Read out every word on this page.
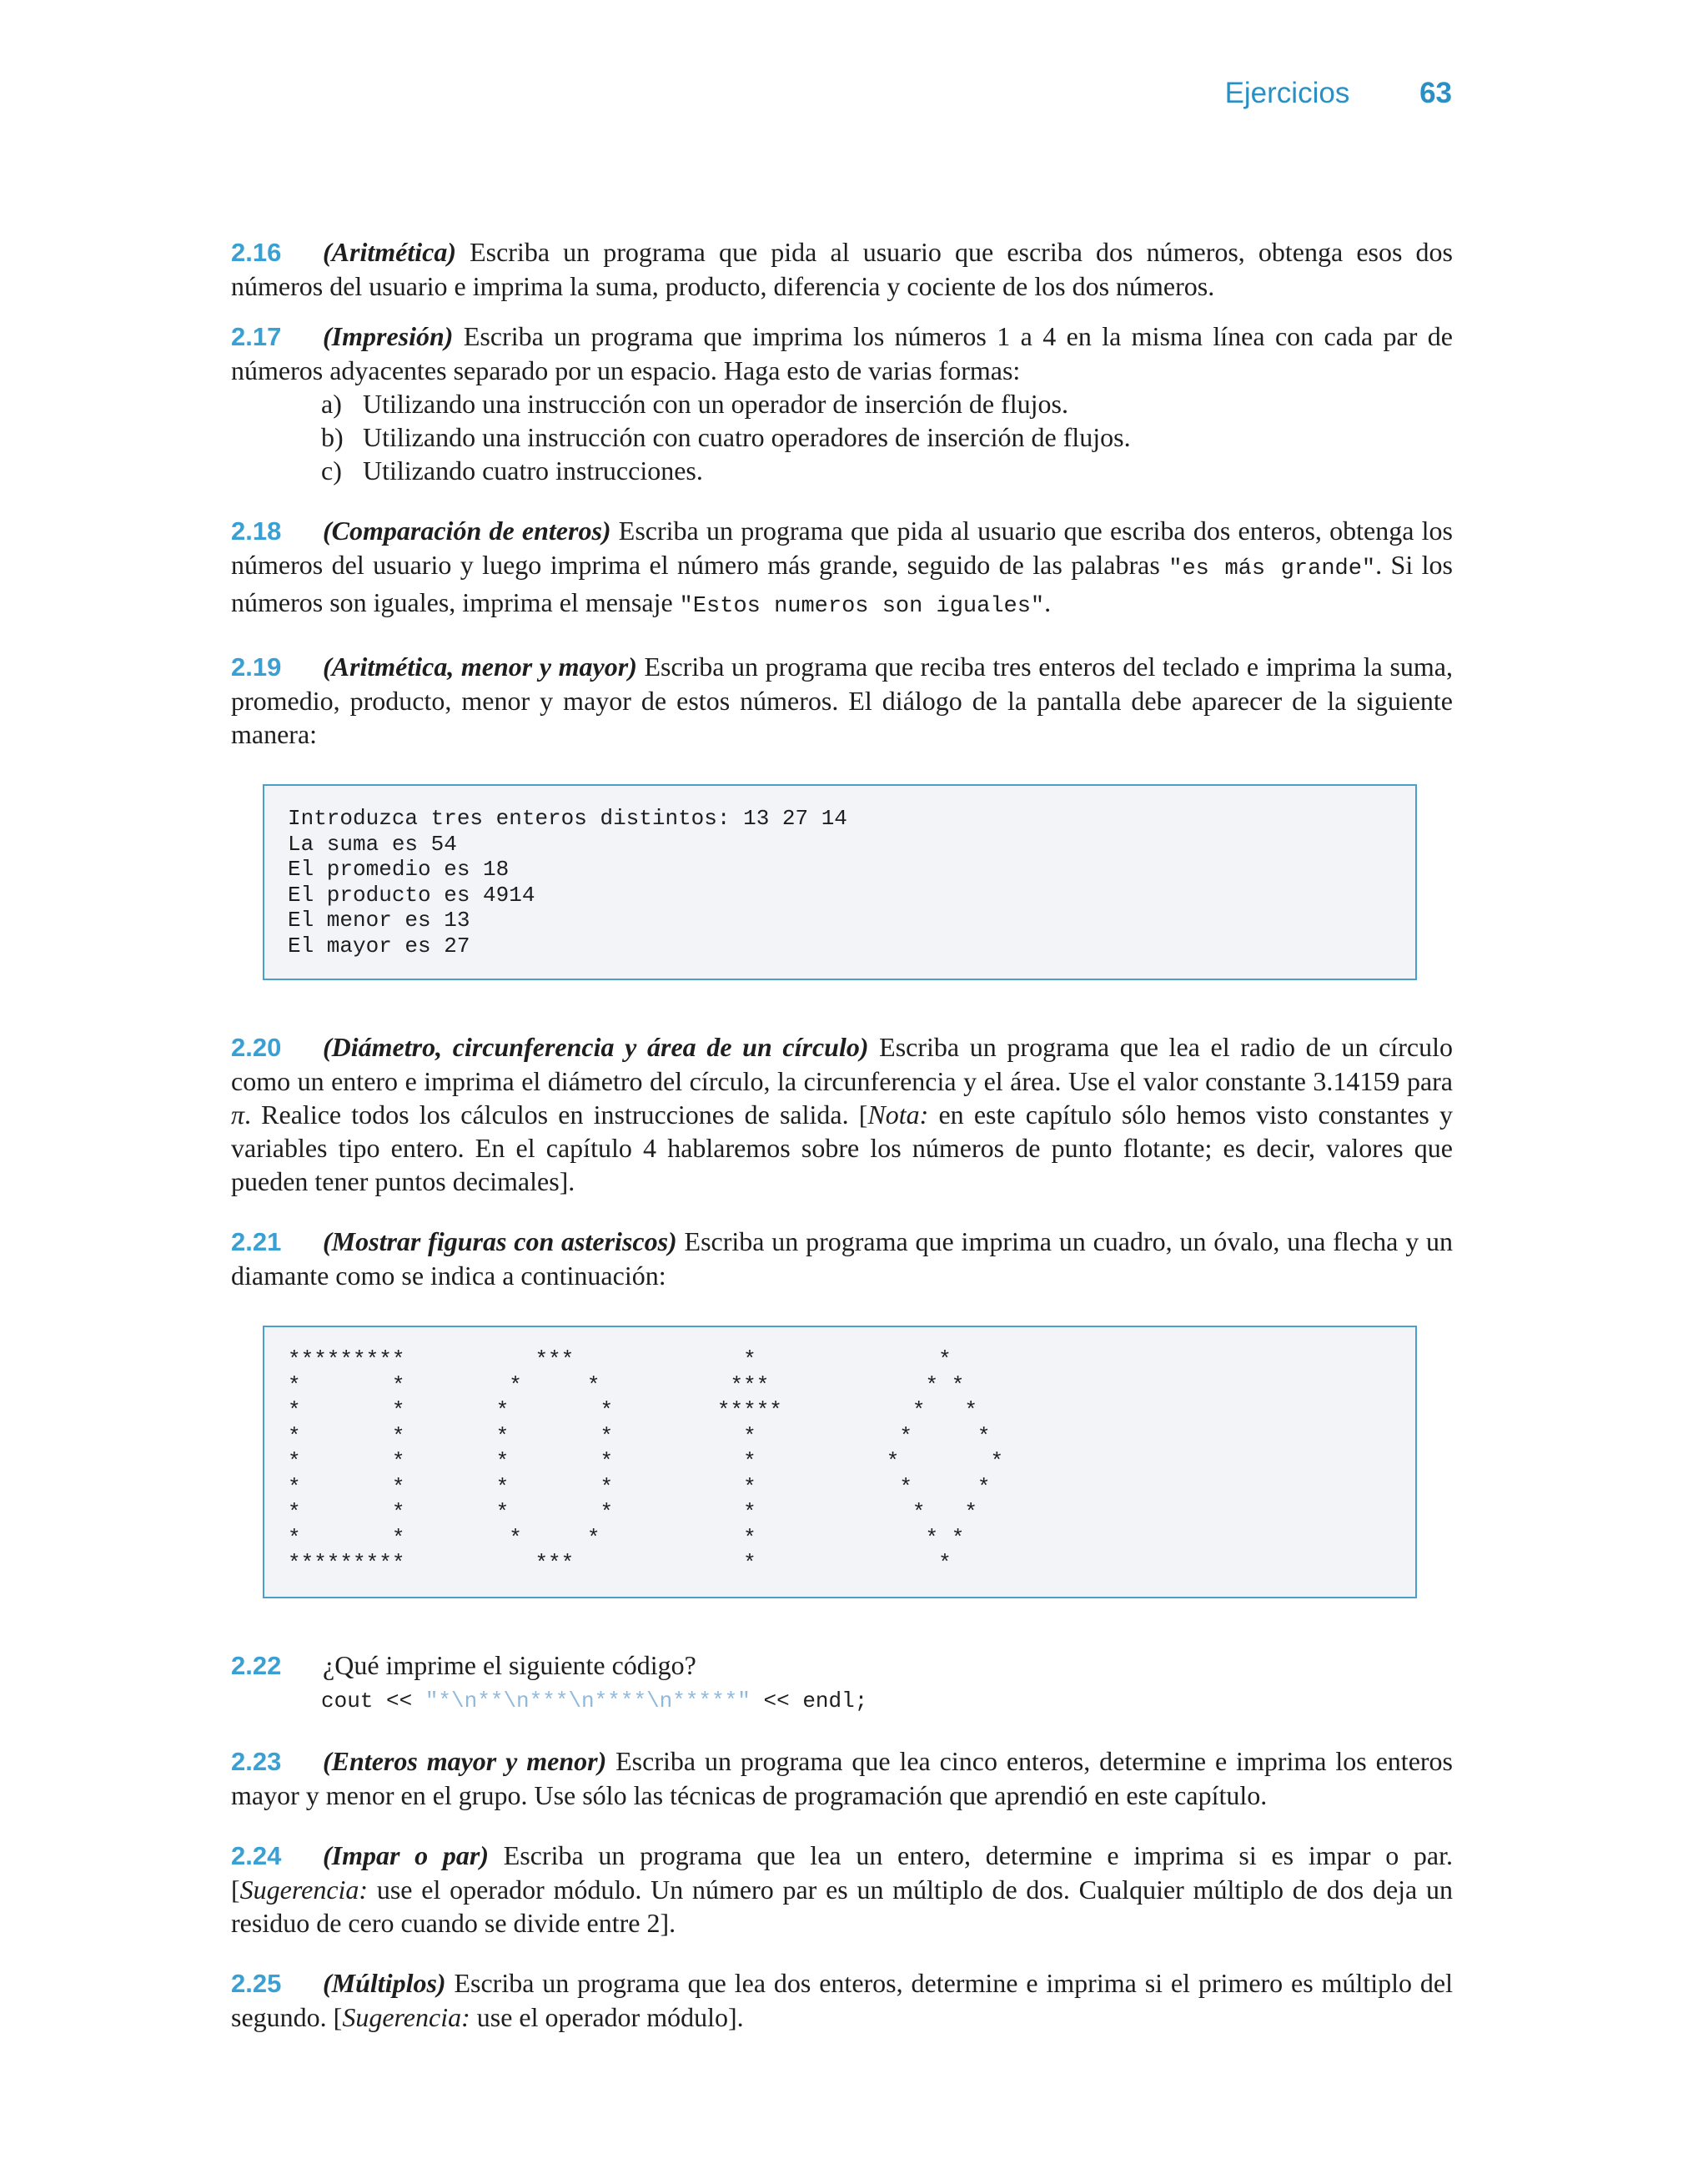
Ejercicios 63

2.16 (Aritmética) Escriba un programa que pida al usuario que escriba dos números, obtenga esos dos números del usuario e imprima la suma, producto, diferencia y cociente de los dos números.

2.17 (Impresión) Escriba un programa que imprima los números 1 a 4 en la misma línea con cada par de números adyacentes separado por un espacio. Haga esto de varias formas:
a) Utilizando una instrucción con un operador de inserción de flujos.
b) Utilizando una instrucción con cuatro operadores de inserción de flujos.
c) Utilizando cuatro instrucciones.

2.18 (Comparación de enteros) Escriba un programa que pida al usuario que escriba dos enteros, obtenga los números del usuario y luego imprima el número más grande, seguido de las palabras "es más grande". Si los números son iguales, imprima el mensaje "Estos numeros son iguales".

2.19 (Aritmética, menor y mayor) Escriba un programa que reciba tres enteros del teclado e imprima la suma, promedio, producto, menor y mayor de estos números. El diálogo de la pantalla debe aparecer de la siguiente manera:

Introduzca tres enteros distintos: 13 27 14
La suma es 54
El promedio es 18
El producto es 4914
El menor es 13
El mayor es 27

2.20 (Diámetro, circunferencia y área de un círculo) Escriba un programa que lea el radio de un círculo como un entero e imprima el diámetro del círculo, la circunferencia y el área. Use el valor constante 3.14159 para π. Realice todos los cálculos en instrucciones de salida. [Nota: en este capítulo sólo hemos visto constantes y variables tipo entero. En el capítulo 4 hablaremos sobre los números de punto flotante; es decir, valores que pueden tener puntos decimales].

2.21 (Mostrar figuras con asteriscos) Escriba un programa que imprima un cuadro, un óvalo, una flecha y un diamante como se indica a continuación:

*********          ***             *              *
*       *        *     *          ***            * *
*       *       *       *        *****          *   *
*       *       *       *          *           *     *
*       *       *       *          *          *       *
*       *       *       *          *           *     *
*       *       *       *          *            *   *
*       *        *     *           *             * *
*********          ***             *              *
2.22 ¿Qué imprime el siguiente código?
cout << "*\n**\n***\n****\n*****" << endl;

2.23 (Enteros mayor y menor) Escriba un programa que lea cinco enteros, determine e imprima los enteros mayor y menor en el grupo. Use sólo las técnicas de programación que aprendió en este capítulo.

2.24 (Impar o par) Escriba un programa que lea un entero, determine e imprima si es impar o par. [Sugerencia: use el operador módulo. Un número par es un múltiplo de dos. Cualquier múltiplo de dos deja un residuo de cero cuando se divide entre 2].

2.25 (Múltiplos) Escriba un programa que lea dos enteros, determine e imprima si el primero es múltiplo del segundo. [Sugerencia: use el operador módulo].
